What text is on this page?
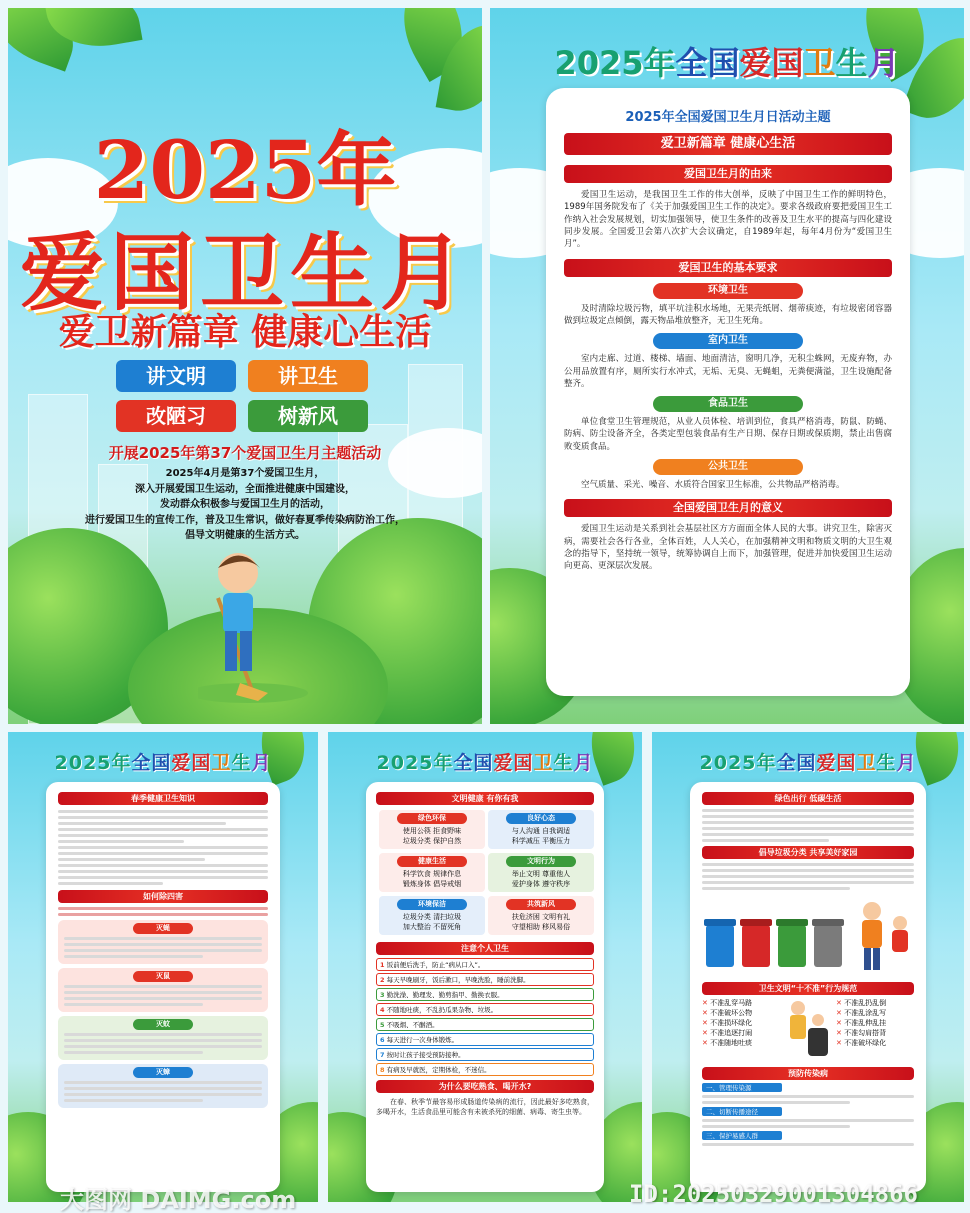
2025年
爱国卫生月
爱卫新篇章 健康心生活
讲文明	讲卫生
改陋习	树新风
开展2025年第37个爱国卫生月主题活动
2025年4月是第37个爱国卫生月，
深入开展爱国卫生运动，全面推进健康中国建设，
发动群众积极参与爱国卫生月的活动，
进行爱国卫生的宣传工作，普及卫生常识，做好春夏季传染病防治工作，
倡导文明健康的生活方式。
2025年全国爱国卫生月
2025年全国爱国卫生月日活动主题
爱卫新篇章 健康心生活
爱国卫生月的由来
爱国卫生运动，是我国卫生工作的伟大创举，反映了中国卫生工作的鲜明特色，1989年国务院发布了《关于加强爱国卫生工作的决定》。要求各级政府要把爱国卫生工作纳入社会发展规划，切实加强领导，使卫生条件的改善及卫生水平的提高与四化建设同步发展。全国爱卫会第八次扩大会议确定，自1989年起，每年4月份为“爱国卫生月”。
爱国卫生的基本要求
环境卫生
及时清除垃圾污物，填平坑洼积水场地，无果壳纸屑、烟蒂痰迹，有垃圾密闭容器做到垃圾定点倾倒，露天物品堆放整齐，无卫生死角。
室内卫生
室内走廊、过道、楼梯、墙面、地面清洁，窗明几净，无积尘蛛网，无废弃物，办公用品放置有序，厕所实行水冲式，无垢、无臭、无蝇蛆，无粪便满溢，卫生设施配备整齐。
食品卫生
单位食堂卫生管理规范，从业人员体检、培训到位，食具严格消毒，防鼠、防蝇、防病、防尘设备齐全，各类定型包装食品有生产日期、保存日期或保质期，禁止出售腐败变质食品。
公共卫生
空气质量、采光、噪音、水质符合国家卫生标准，公共物品严格消毒。
全国爱国卫生月的意义
爱国卫生运动是关系到社会基层社区方方面面全体人民的大事。讲究卫生，除害灭病，需要社会各行各业，全体百姓，人人关心，在加强精神文明和物质文明的大卫生观念的指导下，坚持统一领导，统筹协调自上而下，加强管理，促进并加快爱国卫生运动向更高、更深层次发展。
2025年全国爱国卫生月
春季健康卫生知识
如何除四害
灭蝇
灭鼠
灭蚊
灭蟑
2025年全国爱国卫生月
文明健康 有你有我
绿色环保
使用公筷 拒食野味
垃圾分类 保护自然
良好心态
与人沟通 自我调适
科学减压 平衡压力

健康生活
科学饮食 规律作息
锻炼身体 倡导戒烟
文明行为
举止文明 尊重他人
爱护身体 遵守秩序

环境保洁
垃圾分类 清扫垃圾
加大整治 不留死角
共筑新风
扶危济困 文明有礼
守望相助 移风易俗
注意个人卫生
1 饭前便后洗手，防止“病从口入”。
2 每天早晚刷牙，饭后漱口，早晚洗脸，睡前洗脚。
3 勤洗澡、勤理发、勤剪指甲、勤换衣服。
4 不随地吐痰，不乱扔瓜果杂物、垃圾。
5 不吸烟、不酗酒。
6 每天进行一次身体锻炼。
7 按时让孩子接受预防接种。
8 有病及早就医，定期体检，不迷信。
为什么要吃熟食、喝开水?
在春、秋季节最容易形成肠道传染病的流行，因此最好多吃熟食，多喝开水，生活食品里可能含有未被杀死的细菌、病毒、寄生虫等。
2025年全国爱国卫生月
绿色出行 低碳生活
倡导垃圾分类 共享美好家园
卫生文明“十不准”行为规范
✕ 不准乱穿马路
✕ 不准破坏公物
✕ 不准损坏绿化
✕ 不准追逐打闹
✕ 不准随地吐痰
✕ 不准乱扔乱倒
✕ 不准乱涂乱写
✕ 不准乱伸乱挂
✕ 不准勾肩搭背
✕ 不准破坏绿化
预防传染病
一、管理传染源
二、切断传播途径
三、保护易感人群
大图网 DAIMG.com	ID:20250329001304866
